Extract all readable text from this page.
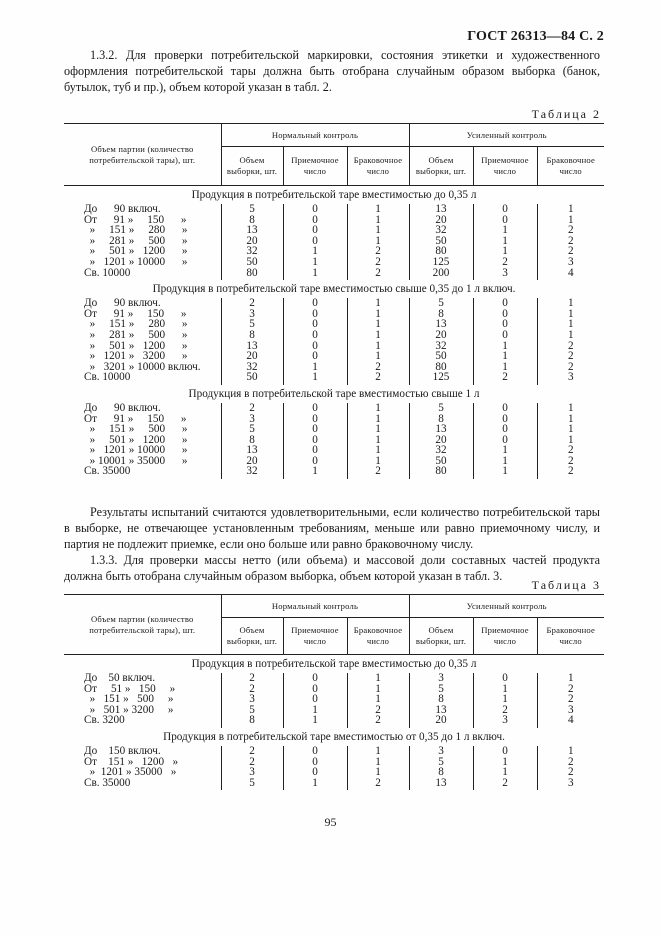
ГОСТ 26313—84 С. 2
1.3.2. Для проверки потребительской маркировки, состояния этикетки и художественного оформления потребительской тары должна быть отобрана случайным образом выборка (банок, бутылок, туб и пр.), объем которой указан в табл. 2.
Таблица 2
Объем партии (количество потребительской тары), шт.	Нормальный контроль			Усиленный контроль		
	Объем выборки, шт.	Приемочное число	Браковочное число	Объем выборки, шт.	Приемочное число	Браковочное число
Продукция в потребительской таре вместимостью до 0,35 л						
До      90 включ.	5	0	1	13	0	1
От      91 »     150      »	8	0	1	20	0	1
»     151 »     280      »	13	0	1	32	1	2
»     281 »     500      »	20	0	1	50	1	2
»     501 »   1200      »	32	1	2	80	1	2
»   1201 » 10000      »	50	1	2	125	2	3
Св. 10000	80	1	2	200	3	4
Продукция в потребительской таре вместимостью свыше 0,35 до 1 л включ.						
До      90 включ.	2	0	1	5	0	1
От      91 »     150      »	3	0	1	8	0	1
»     151 »     280      »	5	0	1	13	0	1
»     281 »     500      »	8	0	1	20	0	1
»     501 »   1200      »	13	0	1	32	1	2
»   1201 »   3200      »	20	0	1	50	1	2
»   3201 » 10000 включ.	32	1	2	80	1	2
Св. 10000	50	1	2	125	2	3
Продукция в потребительской таре вместимостью свыше 1 л						
До      90 включ.	2	0	1	5	0	1
От      91 »     150      »	3	0	1	8	0	1
»     151 »     500      »	5	0	1	13	0	1
»     501 »   1200      »	8	0	1	20	0	1
»   1201 » 10000      »	13	0	1	32	1	2
» 10001 » 35000      »	20	0	1	50	1	2
Св. 35000	32	1	2	80	1	2
Результаты испытаний считаются удовлетворительными, если количество потребительской тары в выборке, не отвечающее установленным требованиям, меньше или равно приемочному числу, и партия не подлежит приемке, если оно больше или равно браковочному числу.
1.3.3. Для проверки массы нетто (или объема) и массовой доли составных частей продукта должна быть отобрана случайным образом выборка, объем которой указан в табл. 3.
Таблица 3
Объем партии (количество потребительской тары), шт.	Нормальный контроль			Усиленный контроль		
	Объем выборки, шт.	Приемочное число	Браковочное число	Объем выборки, шт.	Приемочное число	Браковочное число
Продукция в потребительской таре вместимостью до 0,35 л						
До    50 включ.	2	0	1	3	0	1
От     51 »   150     »	2	0	1	5	1	2
»   151 »   500     »	3	0	1	8	1	2
»   501 » 3200     »	5	1	2	13	2	3
Св. 3200	8	1	2	20	3	4
Продукция в потребительской таре вместимостью от 0,35 до 1 л включ.						
До    150 включ.	2	0	1	3	0	1
От    151 »   1200   »	2	0	1	5	1	2
»  1201 » 35000   »	3	0	1	8	1	2
Св. 35000	5	1	2	13	2	3
95
